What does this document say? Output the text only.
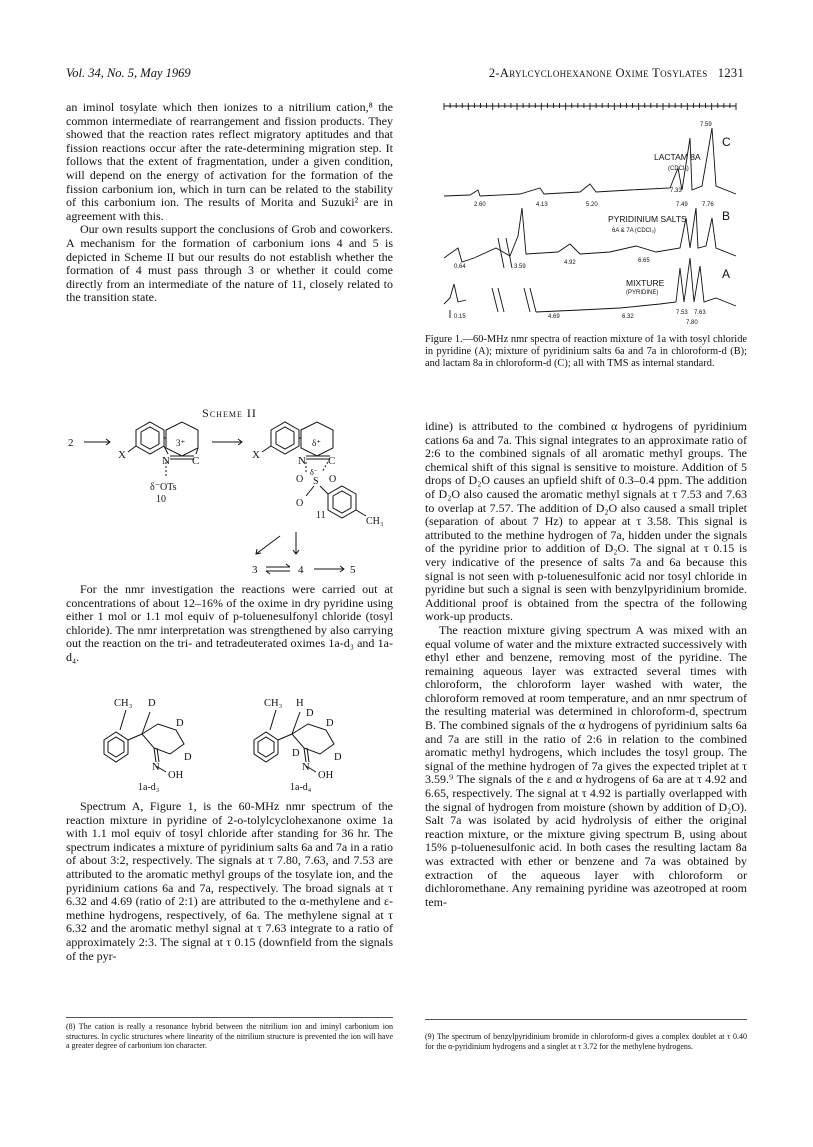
Vol. 34, No. 5, May 1969	2-Arylcyclohexanone Oxime Tosylates 1231

an iminol tosylate which then ionizes to a nitrilium cation,⁸ the common intermediate of rearrangement and fission products. They showed that the reaction rates reflect migratory aptitudes and that fission reactions occur after the rate-determining migration step. It follows that the extent of fragmentation, under a given condition, will depend on the energy of activation for the formation of the fission carbonium ion, which in turn can be related to the stability of this carbonium ion. The results of Morita and Suzuki² are in agreement with this.

Our own results support the conclusions of Grob and coworkers. A mechanism for the formation of carbonium ions 4 and 5 is depicted in Scheme II but our results do not establish whether the formation of 4 must pass through 3 or whether it could come directly from an intermediate of the nature of 11, closely related to the transition state.

Scheme II
2
X	N C
3⁺
δ⁻OTs
10
X	N C
δ⁺
O S
δ⁻
O
O
CH₃
11
3	4	5

For the nmr investigation the reactions were carried out at concentrations of about 12–16% of the oxime in dry pyridine using either 1 mol or 1.1 mol equiv of p-toluenesulfonyl chloride (tosyl chloride). The nmr interpretation was strengthened by also carrying out the reaction on the tri- and tetradeuterated oximes 1a-d₃ and 1a-d₄.

CH₃ D
D
D
N
OH
1a-d₃
CH₃ H
D
D
D
D
N
OH
1a-d₄

Spectrum A, Figure 1, is the 60-MHz nmr spectrum of the reaction mixture in pyridine of 2-o-tolylcyclohexanone oxime 1a with 1.1 mol equiv of tosyl chloride after standing for 36 hr. The spectrum indicates a mixture of pyridinium salts 6a and 7a in a ratio of about 3:2, respectively. The signals at τ 7.80, 7.63, and 7.53 are attributed to the aromatic methyl groups of the tosylate ion, and the pyridinium cations 6a and 7a, respectively. The broad signals at τ 6.32 and 4.69 (ratio of 2:1) are attributed to the α-methylene and ε-methine hydrogens, respectively, of 6a. The methylene signal at τ 6.32 and the aromatic methyl signal at τ 7.63 integrate to a ratio of approximately 2:3. The signal at τ 0.15 (downfield from the signals of the pyr-

(8) The cation is really a resonance hybrid between the nitrilium ion and iminyl carbonium ion structures. In cyclic structures where linearity of the nitrilium structure is prevented the ion will have a greater degree of carbonium ion character.
LACTAM 8A
(CDCl₃)
C
2.60	4.13	5.20
7.33
7.59
PYRIDINIUM SALTS
6A & 7A (CDCl₃)
B
0.64	3.59
4.92	6.65
7.49 7.76
MIXTURE
(PYRIDINE)
A
0.15	4.69	6.32
7.53 7.63
7.80
Figure 1.—60-MHz nmr spectra of reaction mixture of 1a with tosyl chloride in pyridine (A); mixture of pyridinium salts 6a and 7a in chloroform-d (B); and lactam 8a in chloroform-d (C); all with TMS as internal standard.

idine) is attributed to the combined α hydrogens of pyridinium cations 6a and 7a. This signal integrates to an approximate ratio of 2:6 to the combined signals of all aromatic methyl groups. The chemical shift of this signal is sensitive to moisture. Addition of 5 drops of D₂O causes an upfield shift of 0.3–0.4 ppm. The addition of D₂O also caused the aromatic methyl signals at τ 7.53 and 7.63 to overlap at 7.57. The addition of D₂O also caused a small triplet (separation of about 7 Hz) to appear at τ 3.58. This signal is attributed to the methine hydrogen of 7a, hidden under the signals of the pyridine prior to addition of D₂O. The signal at τ 0.15 is very indicative of the presence of salts 7a and 6a because this signal is not seen with p-toluenesulfonic acid nor tosyl chloride in pyridine but such a signal is seen with benzylpyridinium bromide. Additional proof is obtained from the spectra of the following work-up products.

The reaction mixture giving spectrum A was mixed with an equal volume of water and the mixture extracted successively with ethyl ether and benzene, removing most of the pyridine. The remaining aqueous layer was extracted several times with chloroform, the chloroform layer washed with water, the chloroform removed at room temperature, and an nmr spectrum of the resulting material was determined in chloroform-d, spectrum B. The combined signals of the α hydrogens of pyridinium salts 6a and 7a are still in the ratio of 2:6 in relation to the combined aromatic methyl hydrogens, which includes the tosyl group. The signal of the methine hydrogen of 7a gives the expected triplet at τ 3.59.⁹ The signals of the ε and α hydrogens of 6a are at τ 4.92 and 6.65, respectively. The signal at τ 4.92 is partially overlapped with the signal of hydrogen from moisture (shown by addition of D₂O). Salt 7a was isolated by acid hydrolysis of either the original reaction mixture, or the mixture giving spectrum B, using about 15% p-toluenesulfonic acid. In both cases the resulting lactam 8a was extracted with ether or benzene and 7a was obtained by extraction of the aqueous layer with chloroform or dichloromethane. Any remaining pyridine was azeotroped at room tem-

(9) The spectrum of benzylpyridinium bromide in chloroform-d gives a complex doublet at τ 0.40 for the α-pyridinium hydrogens and a singlet at τ 3.72 for the methylene hydrogens.
